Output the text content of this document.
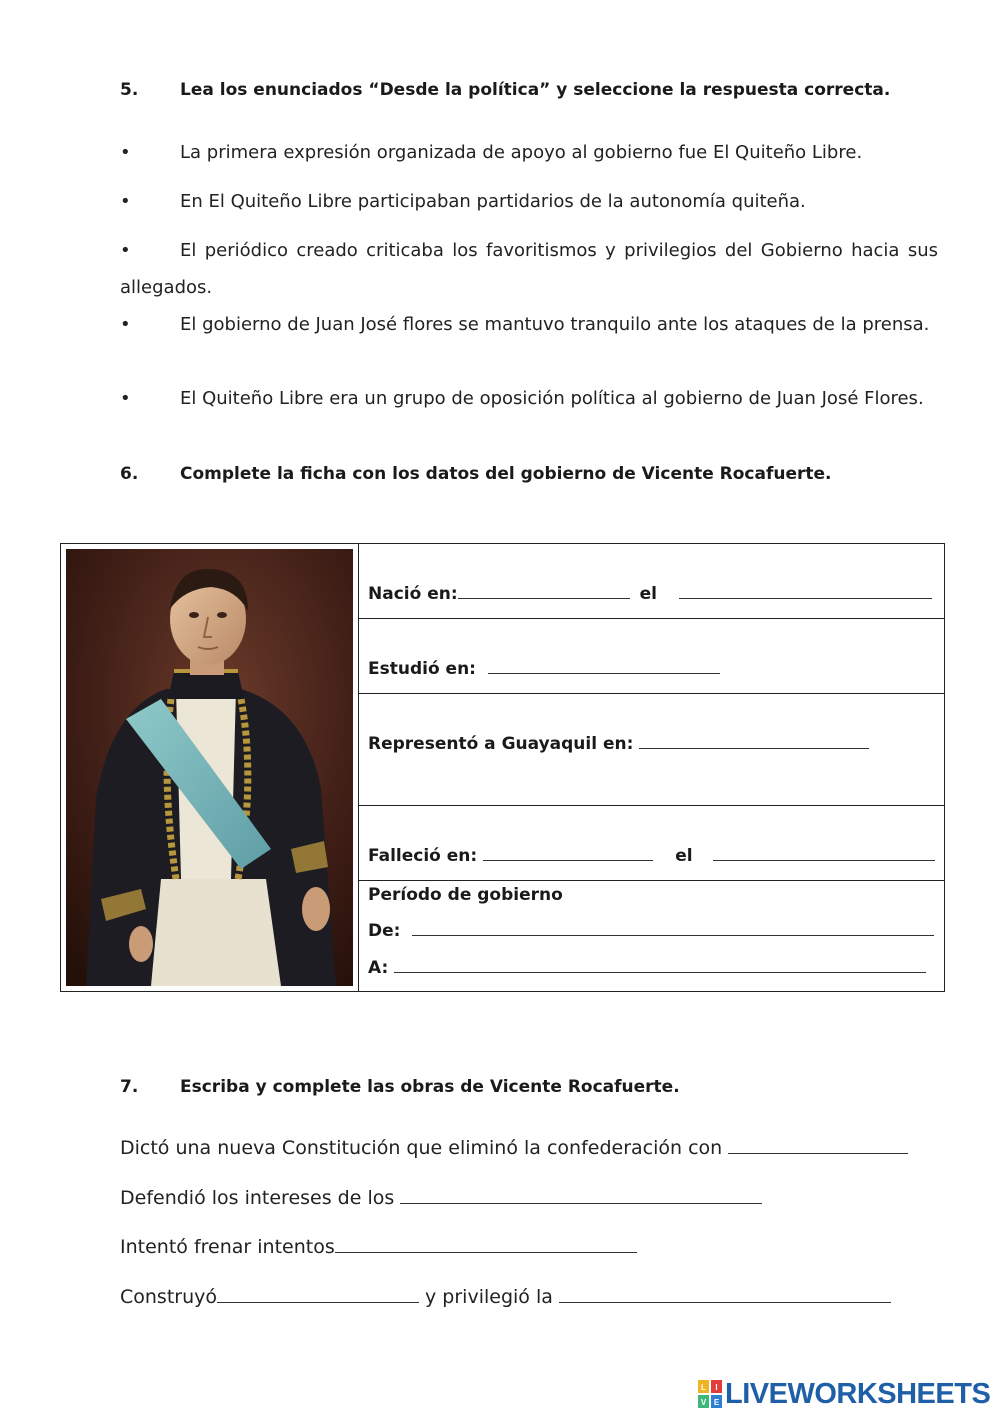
5. Lea los enunciados “Desde la política” y seleccione la respuesta correcta.
•	La primera expresión organizada de apoyo al gobierno fue El Quiteño Libre.
•	En El Quiteño Libre participaban partidarios de la autonomía quiteña.
•	El periódico creado criticaba los favoritismos y privilegios del Gobierno hacia sus allegados.
•	El gobierno de Juan José flores se mantuvo tranquilo ante los ataques de la prensa.
•	El Quiteño Libre era un grupo de oposición política al gobierno de Juan José Flores.
6. Complete la ficha con los datos del gobierno de Vicente Rocafuerte.
Nació en:	el
Estudió en:
Representó a Guayaquil en:
Falleció en:	el
Período de gobierno
De:
A:
7. Escriba y complete las obras de Vicente Rocafuerte.
Dictó una nueva Constitución que eliminó la confederación con
Defendió los intereses de los
Intentó frenar intentos
Construyó	y privilegió la
L I
V E LIVEWORKSHEETS
